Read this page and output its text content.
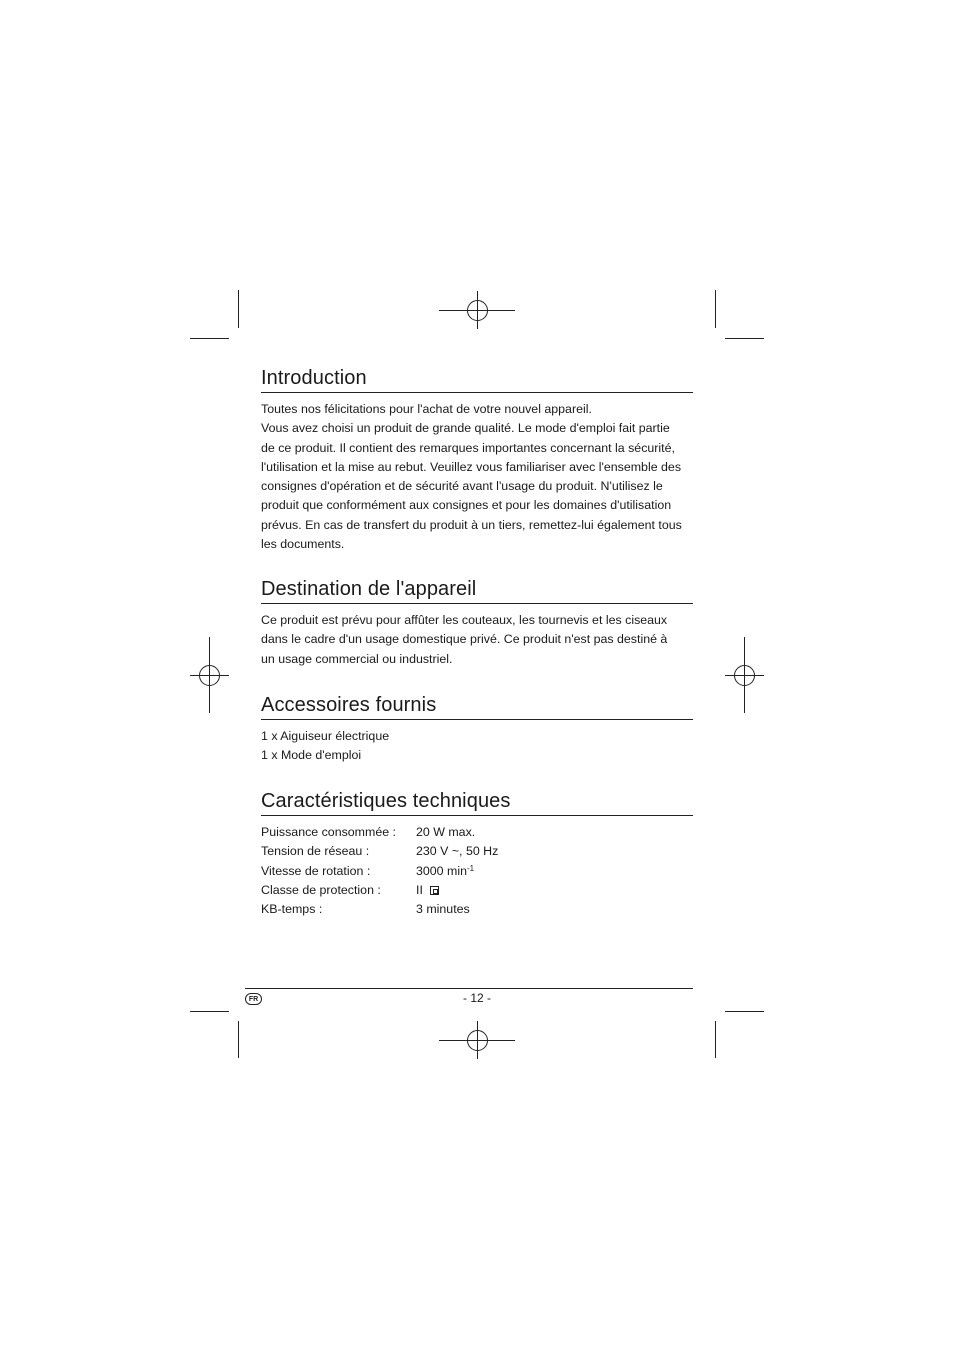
Introduction
Toutes nos félicitations pour l'achat de votre nouvel appareil.
Vous avez choisi un produit de grande qualité. Le mode d'emploi fait partie
de ce produit. Il contient des remarques importantes concernant la sécurité,
l'utilisation et la mise au rebut. Veuillez vous familiariser avec l'ensemble des
consignes d'opération et de sécurité avant l'usage du produit. N'utilisez le
produit que conformément aux consignes et pour les domaines d'utilisation
prévus. En cas de transfert du produit à un tiers, remettez-lui également tous
les documents.
Destination de l'appareil
Ce produit est prévu pour affûter les couteaux, les tournevis et les ciseaux
dans le cadre d'un usage domestique privé. Ce produit n'est pas destiné à
un usage commercial ou industriel.
Accessoires fournis
1 x Aiguiseur électrique
1 x Mode d'emploi
Caractéristiques techniques
Puissance consommée : 20 W max.
Tension de réseau :	230 V ~, 50 Hz
Vitesse de rotation :	3000 $\min^{-1}$
Classe de protection :	II
KB-temps :	3 minutes
FR	- 12 -
